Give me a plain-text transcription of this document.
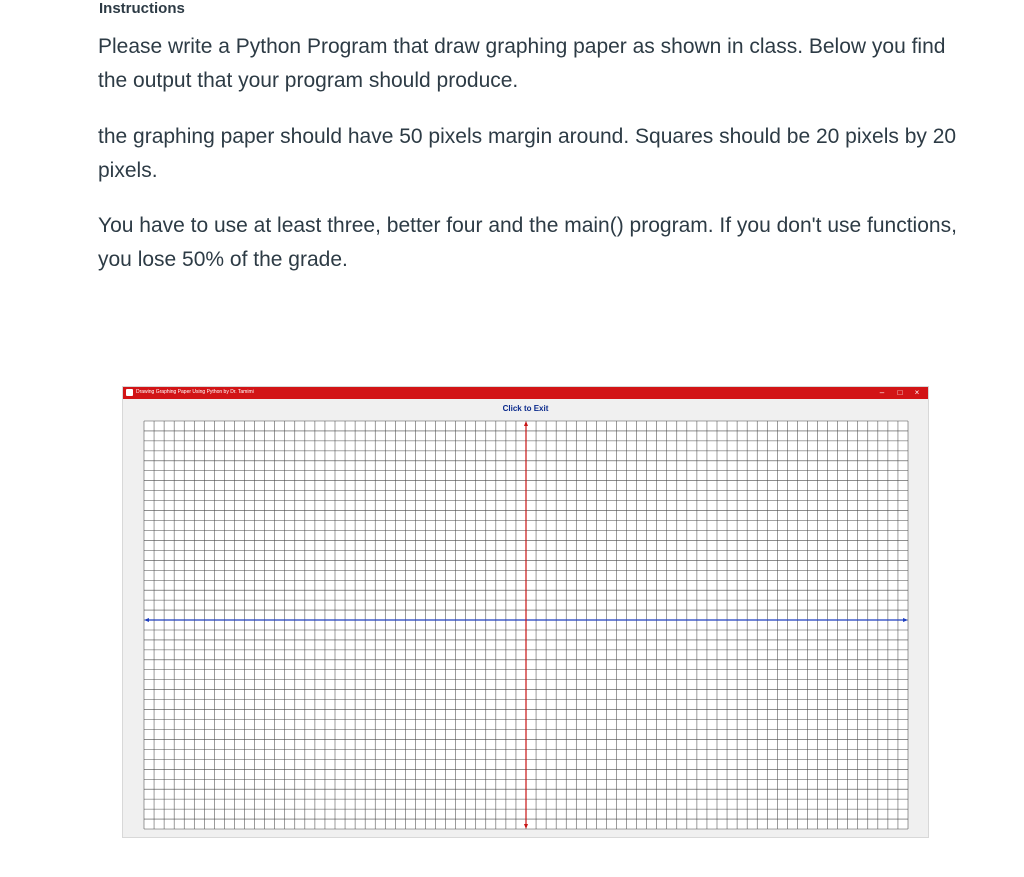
Instructions

Please write a Python Program that draw graphing paper as shown in class. Below you find the output that your program should produce.

the graphing paper should have 50 pixels margin around. Squares should be 20 pixels by 20 pixels.

You have to use at least three, better four and the main() program. If you don't use functions, you lose 50% of the grade.

Drawing Graphing Paper Using Python by Dr. Tamimi	–	□	×
Click to Exit
